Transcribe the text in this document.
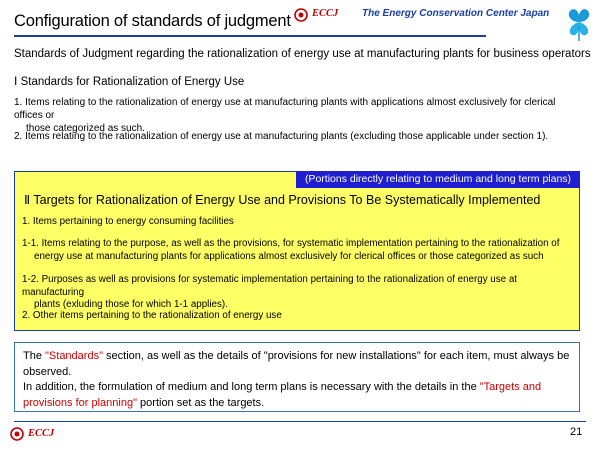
Configuration of standards of judgment ECCJ The Energy Conservation Center Japan
Standards of Judgment regarding the rationalization of energy use at manufacturing plants for business operators
Ⅰ Standards for Rationalization of Energy Use
1. Items relating to the rationalization of energy use at manufacturing plants with applications almost exclusively for clerical offices or
those categorized as such.
2. Items relating to the rationalization of energy use at manufacturing plants (excluding those applicable under section 1).
(Portions directly relating to medium and long term plans)
Ⅱ Targets for Rationalization of Energy Use and Provisions To Be Systematically Implemented
1. Items pertaining to energy consuming facilities
1-1. Items relating to the purpose, as well as the provisions, for systematic implementation pertaining to the rationalization of
energy use at manufacturing plants for applications almost exclusively for clerical offices or those categorized as such
1-2. Purposes as well as provisions for systematic implementation pertaining to the rationalization of energy use at manufacturing
plants (exluding those for which 1-1 applies).
2. Other items pertaining to the rationalization of energy use
The "Standards" section, as well as the details of "provisions for new installations" for each item, must always be observed.
In addition, the formulation of medium and long term plans is necessary with the details in the "Targets and provisions for planning" portion set as the targets.
ECCJ	21
